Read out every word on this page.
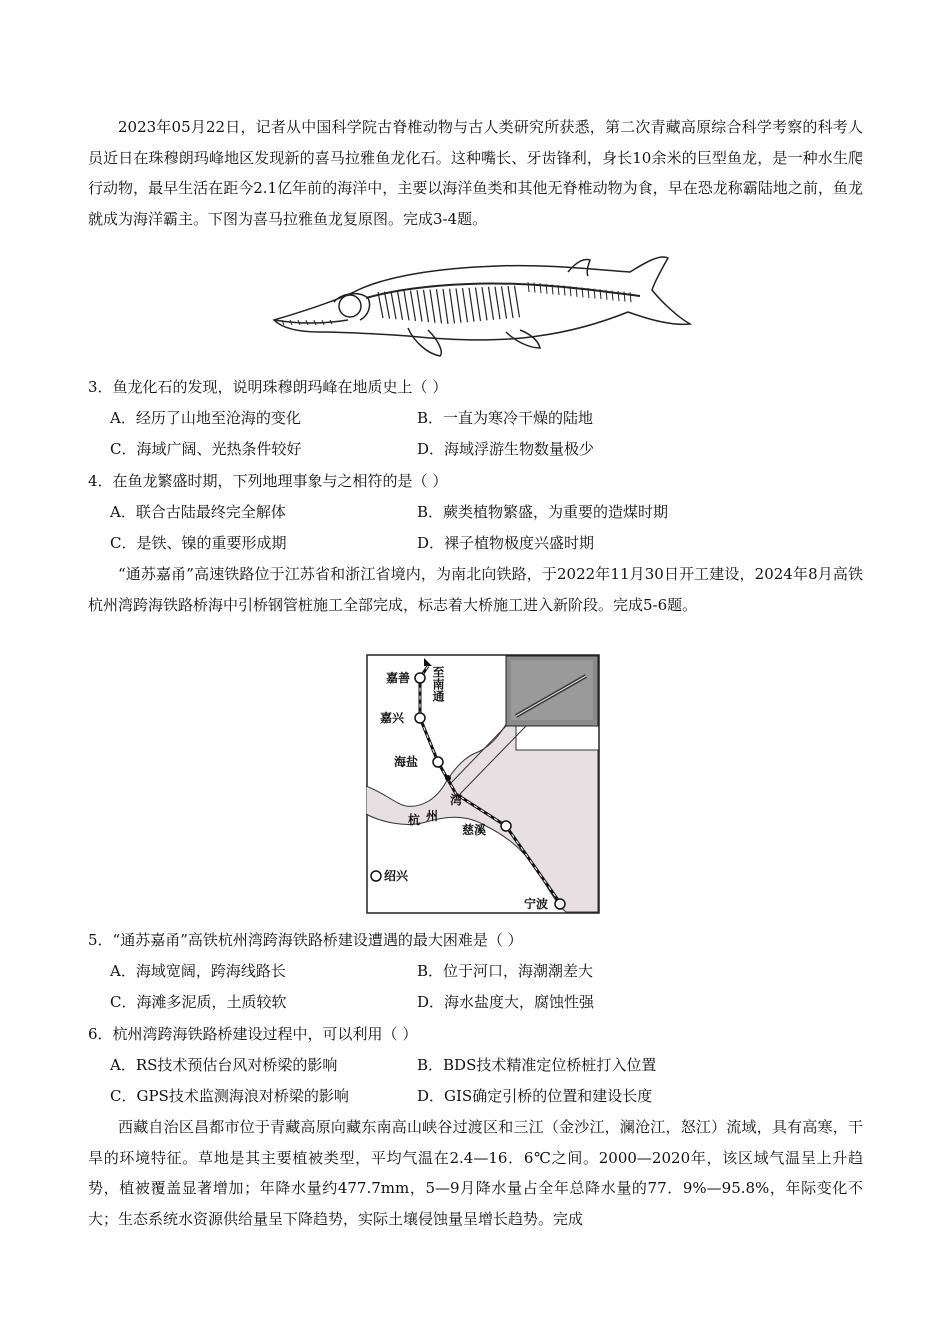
2023年05月22日，记者从中国科学院古脊椎动物与古人类研究所获悉，第二次青藏高原综合科学考察的科考人员近日在珠穆朗玛峰地区发现新的喜马拉雅鱼龙化石。这种嘴长、牙齿锋利，身长10余米的巨型鱼龙，是一种水生爬行动物，最早生活在距今2.1亿年前的海洋中，主要以海洋鱼类和其他无脊椎动物为食，早在恐龙称霸陆地之前，鱼龙就成为海洋霸主。下图为喜马拉雅鱼龙复原图。完成3-4题。

3．鱼龙化石的发现，说明珠穆朗玛峰在地质史上（ ）
A．经历了山地至沧海的变化	B．一直为寒冷干燥的陆地
C．海域广阔、光热条件较好	D．海域浮游生物数量极少
4．在鱼龙繁盛时期，下列地理事象与之相符的是（ ）
A．联合古陆最终完全解体	B．蕨类植物繁盛，为重要的造煤时期
C．是铁、镍的重要形成期	D．裸子植物极度兴盛时期

“通苏嘉甬”高速铁路位于江苏省和浙江省境内，为南北向铁路，于2022年11月30日开工建设，2024年8月高铁杭州湾跨海铁路桥海中引桥钢管桩施工全部完成，标志着大桥施工进入新阶段。完成5-6题。

至南通
嘉善
嘉兴
海盐
杭 州
湾
慈溪
绍兴
宁波
5．“通苏嘉甬”高铁杭州湾跨海铁路桥建设遭遇的最大困难是（ ）
A．海域宽阔，跨海线路长	B．位于河口，海潮潮差大
C．海滩多泥质，土质较软	D．海水盐度大，腐蚀性强
6．杭州湾跨海铁路桥建设过程中，可以利用（ ）
A．RS技术预估台风对桥梁的影响	B．BDS技术精准定位桥桩打入位置
C．GPS技术监测海浪对桥梁的影响	D．GIS确定引桥的位置和建设长度

西藏自治区昌都市位于青藏高原向藏东南高山峡谷过渡区和三江（金沙江，澜沧江，怒江）流域，具有高寒，干旱的环境特征。草地是其主要植被类型，平均气温在2.4—16．6℃之间。2000—2020年，该区域气温呈上升趋势，植被覆盖显著增加；年降水量约477.7mm，5—9月降水量占全年总降水量的77．9%—95.8%，年际变化不大；生态系统水资源供给量呈下降趋势，实际土壤侵蚀量呈增长趋势。完成
